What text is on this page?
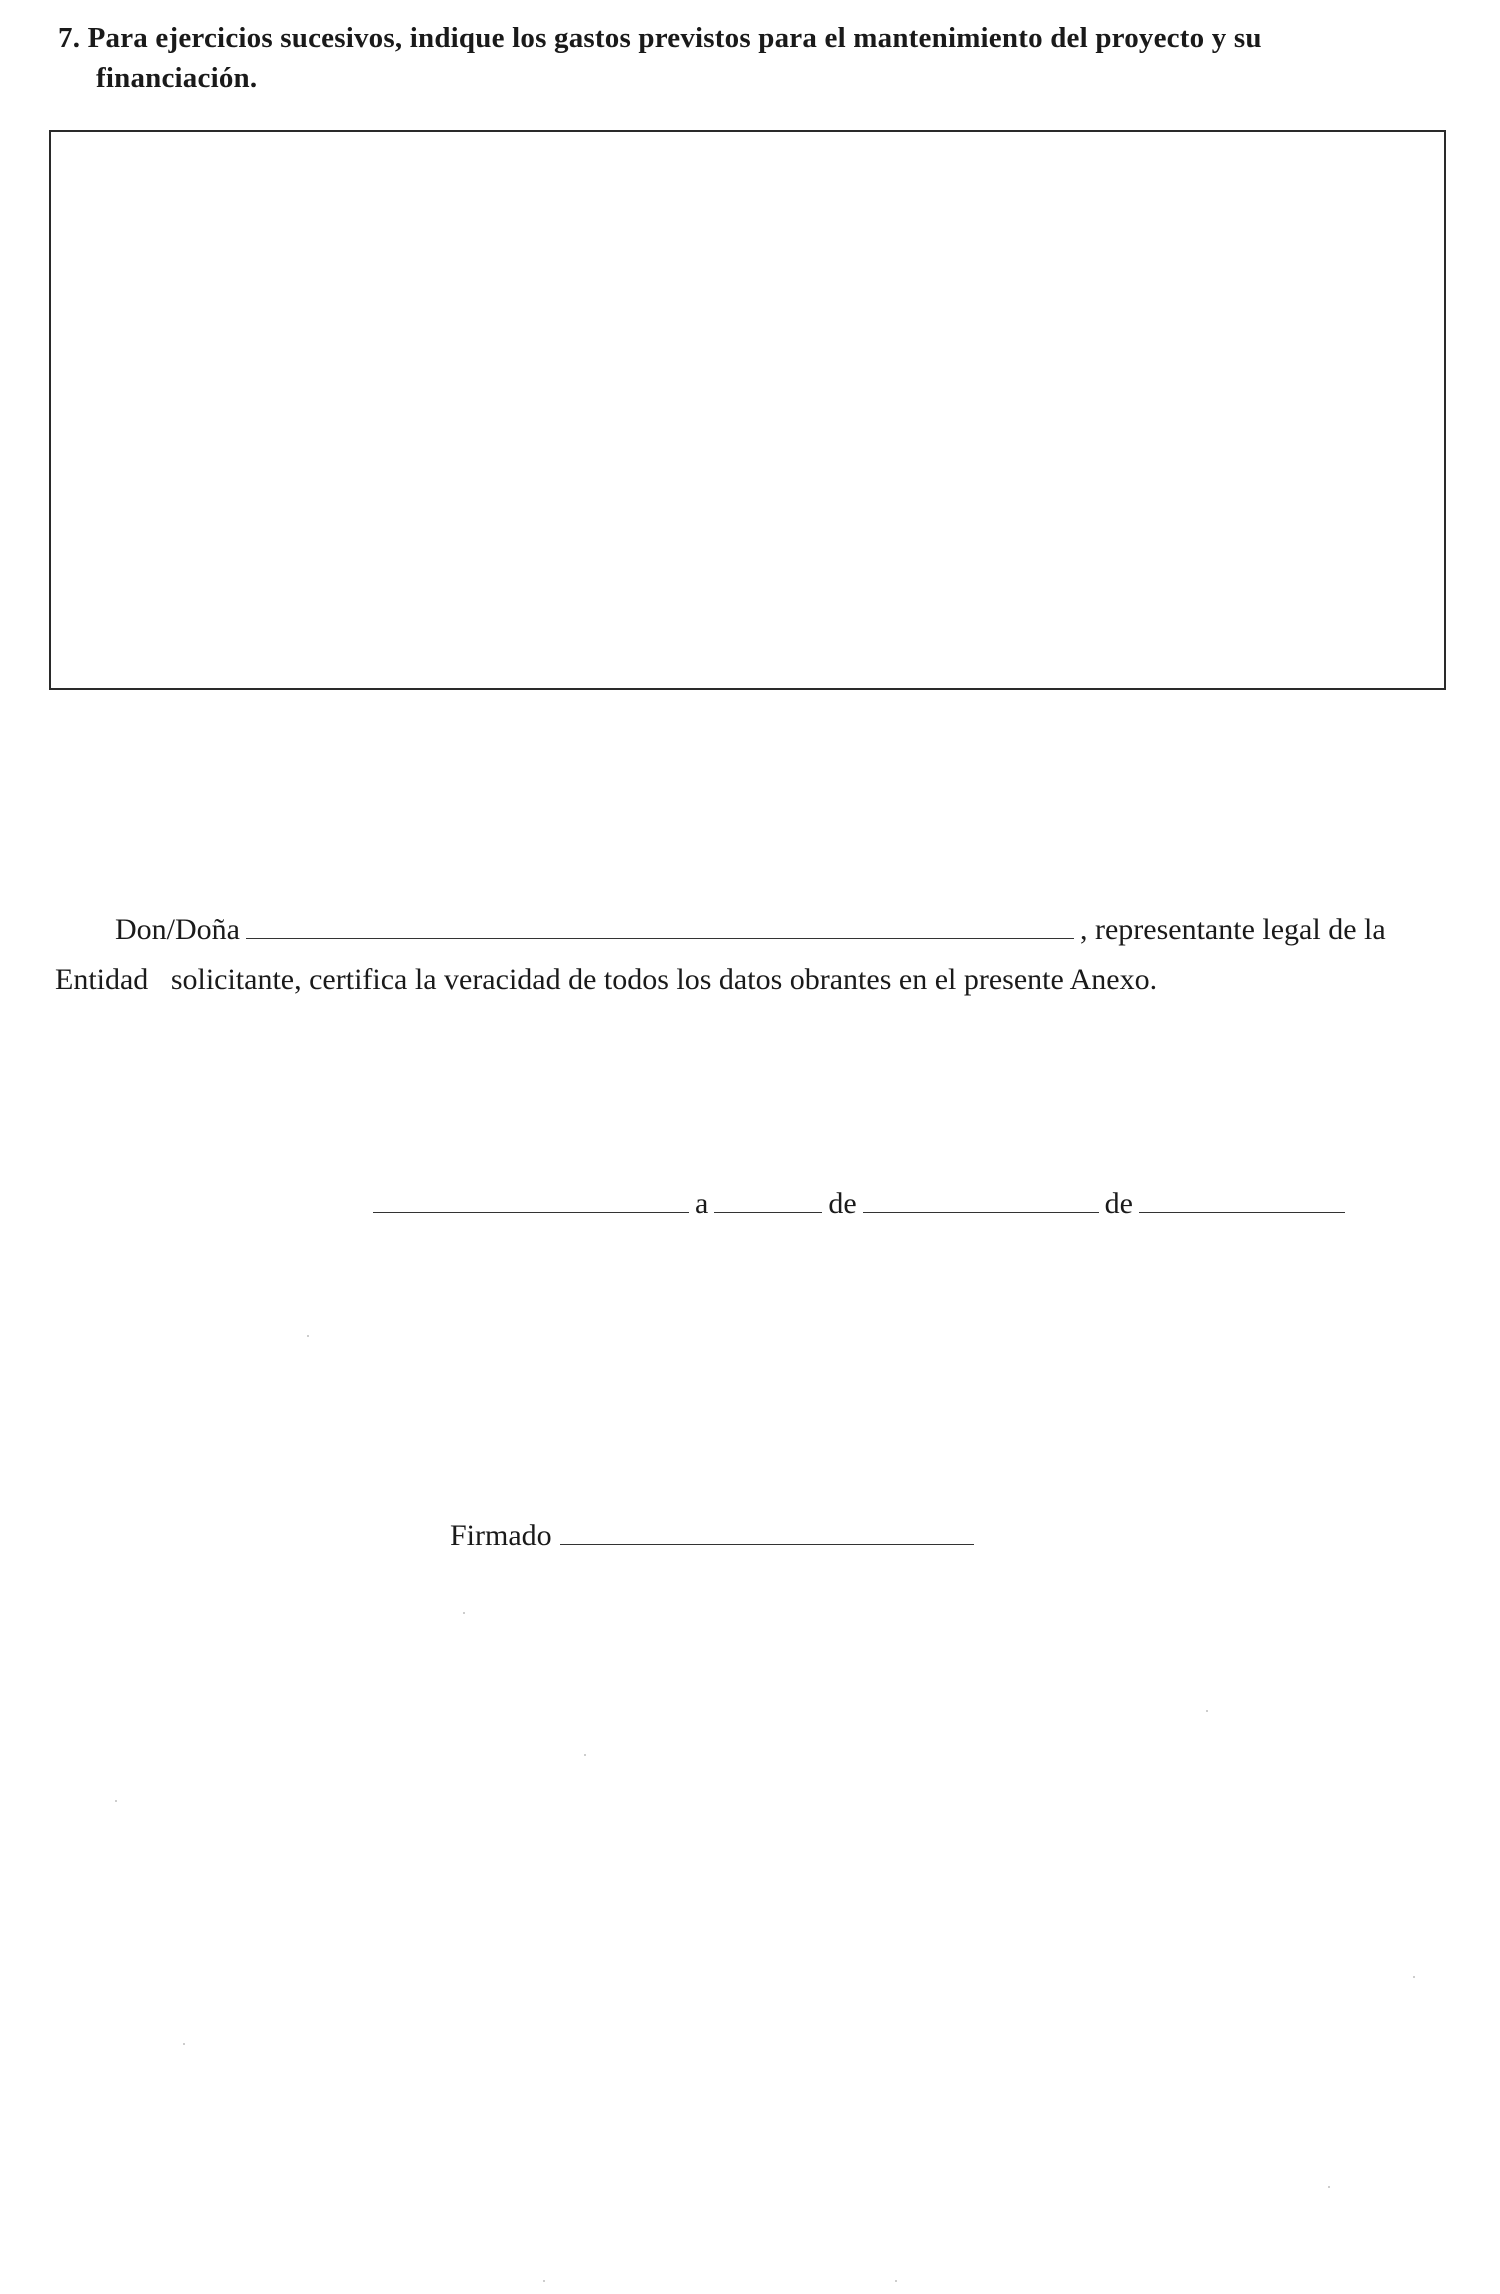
7. Para ejercicios sucesivos, indique los gastos previstos para el mantenimiento del proyecto y su
financiación.
Don/Doña	, representante legal de la
Entidad solicitante, certifica la veracidad de todos los datos obrantes en el presente Anexo.
a	de	de
Firmado
